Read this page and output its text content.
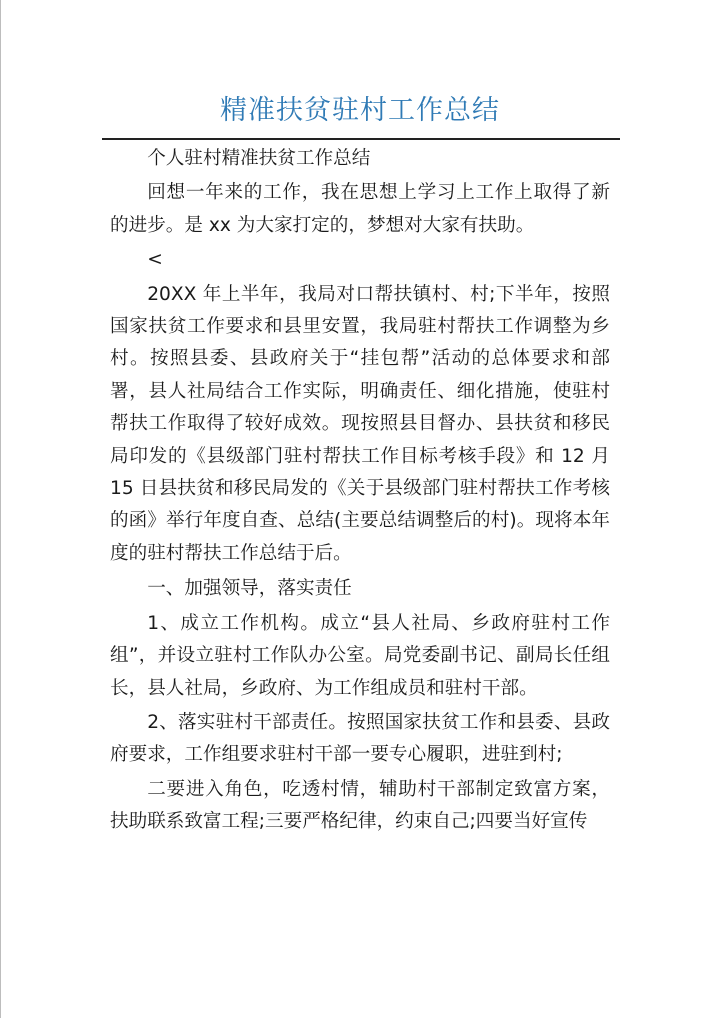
精准扶贫驻村工作总结

个人驻村精准扶贫工作总结

回想一年来的工作，我在思想上学习上工作上取得了新的进步。是 xx 为大家打定的，梦想对大家有扶助。

<

20XX 年上半年，我局对口帮扶镇村、村;下半年，按照国家扶贫工作要求和县里安置，我局驻村帮扶工作调整为乡村。按照县委、县政府关于“挂包帮”活动的总体要求和部署，县人社局结合工作实际，明确责任、细化措施，使驻村帮扶工作取得了较好成效。现按照县目督办、县扶贫和移民局印发的《县级部门驻村帮扶工作目标考核手段》和 12 月 15 日县扶贫和移民局发的《关于县级部门驻村帮扶工作考核的函》举行年度自查、总结(主要总结调整后的村)。现将本年度的驻村帮扶工作总结于后。

一、加强领导，落实责任

1、成立工作机构。成立“县人社局、乡政府驻村工作组”，并设立驻村工作队办公室。局党委副书记、副局长任组长，县人社局，乡政府、为工作组成员和驻村干部。

2、落实驻村干部责任。按照国家扶贫工作和县委、县政府要求，工作组要求驻村干部一要专心履职，进驻到村;

二要进入角色，吃透村情，辅助村干部制定致富方案，扶助联系致富工程;三要严格纪律，约束自己;四要当好宣传
